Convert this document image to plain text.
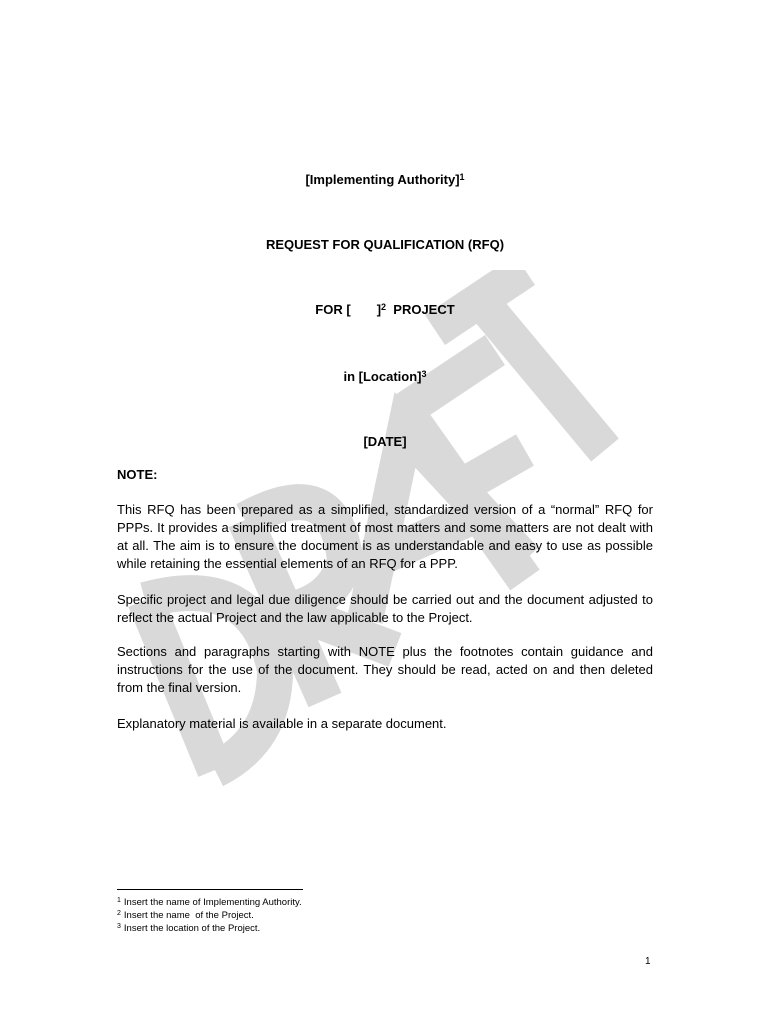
[Implementing Authority]$^1$
REQUEST FOR QUALIFICATION (RFQ)
FOR [ ]$^2$ PROJECT
in [Location]$^3$
[DATE]
NOTE:

This RFQ has been prepared as a simplified, standardized version of a “normal” RFQ for PPPs. It provides a simplified treatment of most matters and some matters are not dealt with at all. The aim is to ensure the document is as understandable and easy to use as possible while retaining the essential elements of an RFQ for a PPP.

Specific project and legal due diligence should be carried out and the document adjusted to reflect the actual Project and the law applicable to the Project.

Sections and paragraphs starting with NOTE plus the footnotes contain guidance and instructions for the use of the document. They should be read, acted on and then deleted from the final version.

Explanatory material is available in a separate document.

$^1$ Insert the name of Implementing Authority.
$^2$ Insert the name  of the Project.
$^3$ Insert the location of the Project.
1
